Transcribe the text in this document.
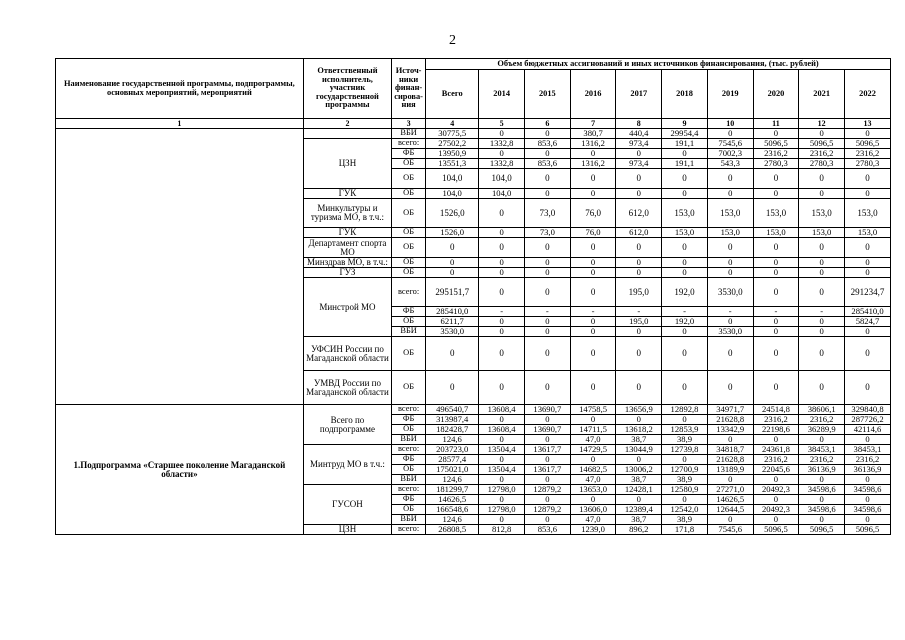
2
Наименование государственной программы, подпрограммы, основных мероприятий, мероприятий	Ответственный исполнитель, участник государственной программы	Источ-
ники
финан-
сирова-
ния	Объем бюджетных ассигнований и иных источников финансирования, (тыс. рублей)									
			Всего	2014	2015	2016	2017	2018	2019	2020	2021	2022
1	2	3	4	5	6	7	8	9	10	11	12	13
		ВБИ	30775,5	0	0	380,7	440,4	29954,4	0	0	0	0
	ЦЗН	всего:	27502,2	1332,8	853,6	1316,2	973,4	191,1	7545,6	5096,5	5096,5	5096,5
		ФБ	13950,9	0	0	0	0	0	7002,3	2316,2	2316,2	2316,2
		ОБ	13551,3	1332,8	853,6	1316,2	973,4	191,1	543,3	2780,3	2780,3	2780,3
		ОБ	104,0	104,0	0	0	0	0	0	0	0	0
	ГУК	ОБ	104,0	104,0	0	0	0	0	0	0	0	0
	Минкультуры и туризма МО, в т.ч.:	ОБ	1526,0	0	73,0	76,0	612,0	153,0	153,0	153,0	153,0	153,0
	ГУК	ОБ	1526,0	0	73,0	76,0	612,0	153,0	153,0	153,0	153,0	153,0
	Департамент спорта МО	ОБ	0	0	0	0	0	0	0	0	0	0
	Минздрав МО, в т.ч.:	ОБ	0	0	0	0	0	0	0	0	0	0
	ГУЗ	ОБ	0	0	0	0	0	0	0	0	0	0
	Минстрой МО	всего:	295151,7	0	0	0	195,0	192,0	3530,0	0	0	291234,7
		ФБ	285410,0	-	-	-	-	-	-	-	-	285410,0
		ОБ	6211,7	0	0	0	195,0	192,0	0	0	0	5824,7
		ВБИ	3530,0	0	0	0	0	0	3530,0	0	0	0
	УФСИН России по Магаданской области	ОБ	0	0	0	0	0	0	0	0	0	0
	УМВД России по Магаданской области	ОБ	0	0	0	0	0	0	0	0	0	0
1.Подпрограмма «Старшее поколение Магаданской области»	Всего по подпрограмме	всего:	496540,7	13608,4	13690,7	14758,5	13656,9	12892,8	34971,7	24514,8	38606,1	329840,8
		ФБ	313987,4	0	0	0	0	0	21628,8	2316,2	2316,2	287726,2
		ОБ	182428,7	13608,4	13690,7	14711,5	13618,2	12853,9	13342,9	22198,6	36289,9	42114,6
		ВБИ	124,6	0	0	47,0	38,7	38,9	0	0	0	0
	Минтруд МО в т.ч.:	всего:	203723,0	13504,4	13617,7	14729,5	13044,9	12739,8	34818,7	24361,8	38453,1	38453,1
		ФБ	28577,4	0	0	0	0	0	21628,8	2316,2	2316,2	2316,2
		ОБ	175021,0	13504,4	13617,7	14682,5	13006,2	12700,9	13189,9	22045,6	36136,9	36136,9
		ВБИ	124,6	0	0	47,0	38,7	38,9	0	0	0	0
	ГУСОН	всего:	181299,7	12798,0	12879,2	13653,0	12428,1	12580,9	27271,0	20492,3	34598,6	34598,6
		ФБ	14626,5	0	0	0	0	0	14626,5	0	0	0
		ОБ	166548,6	12798,0	12879,2	13606,0	12389,4	12542,0	12644,5	20492,3	34598,6	34598,6
		ВБИ	124,6	0	0	47,0	38,7	38,9	0	0	0	0
	ЦЗН	всего:	26808,5	812,8	853,6	1239,0	896,2	171,8	7545,6	5096,5	5096,5	5096,5
